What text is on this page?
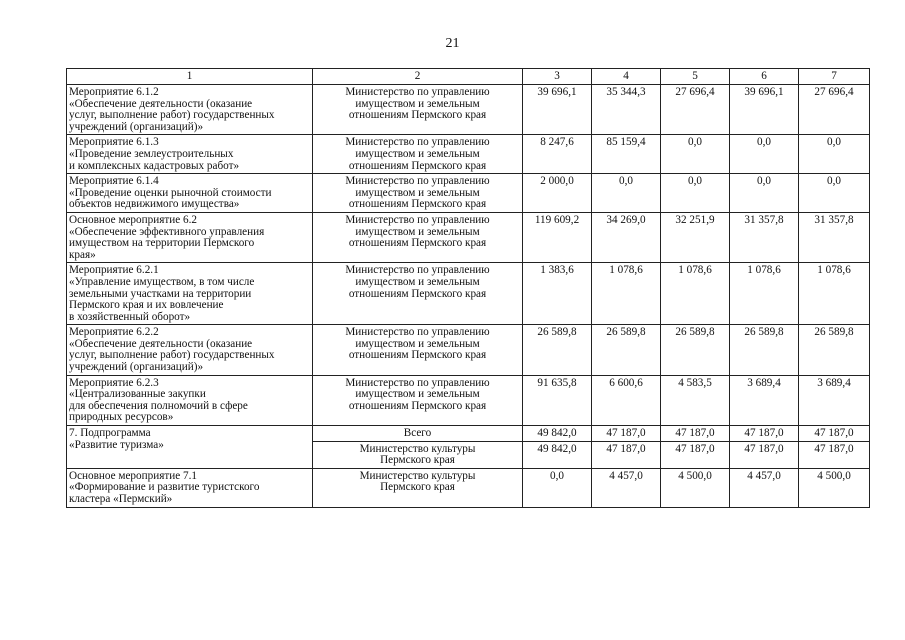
21
1	2	3	4	5	6	7

Мероприятие 6.1.2
«Обеспечение деятельности (оказание
услуг, выполнение работ) государственных
учреждений (организаций)»	Министерство по управлению
имуществом и земельным
отношениям Пермского края	39 696,1	35 344,3	27 696,4	39 696,1	27 696,4

Мероприятие 6.1.3
«Проведение землеустроительных
и комплексных кадастровых работ»	Министерство по управлению
имуществом и земельным
отношениям Пермского края	8 247,6	85 159,4	0,0	0,0	0,0

Мероприятие 6.1.4
«Проведение оценки рыночной стоимости
объектов недвижимого имущества»	Министерство по управлению
имуществом и земельным
отношениям Пермского края	2 000,0	0,0	0,0	0,0	0,0

Основное мероприятие 6.2
«Обеспечение эффективного управления
имуществом на территории Пермского
края»	Министерство по управлению
имуществом и земельным
отношениям Пермского края	119 609,2	34 269,0	32 251,9	31 357,8	31 357,8

Мероприятие 6.2.1
«Управление имуществом, в том числе
земельными участками на территории
Пермского края и их вовлечение
в хозяйственный оборот»	Министерство по управлению
имуществом и земельным
отношениям Пермского края	1 383,6	1 078,6	1 078,6	1 078,6	1 078,6

Мероприятие 6.2.2
«Обеспечение деятельности (оказание
услуг, выполнение работ) государственных
учреждений (организаций)»	Министерство по управлению
имуществом и земельным
отношениям Пермского края	26 589,8	26 589,8	26 589,8	26 589,8	26 589,8

Мероприятие 6.2.3
«Централизованные закупки
для обеспечения полномочий в сфере
природных ресурсов»	Министерство по управлению
имуществом и земельным
отношениям Пермского края	91 635,8	6 600,6	4 583,5	3 689,4	3 689,4

7. Подпрограмма
«Развитие туризма»	Всего	49 842,0	47 187,0	47 187,0	47 187,0	47 187,0

	Министерство культуры
Пермского края	49 842,0	47 187,0	47 187,0	47 187,0	47 187,0

Основное мероприятие 7.1
«Формирование и развитие туристского
кластера «Пермский»	Министерство культуры
Пермского края	0,0	4 457,0	4 500,0	4 457,0	4 500,0
